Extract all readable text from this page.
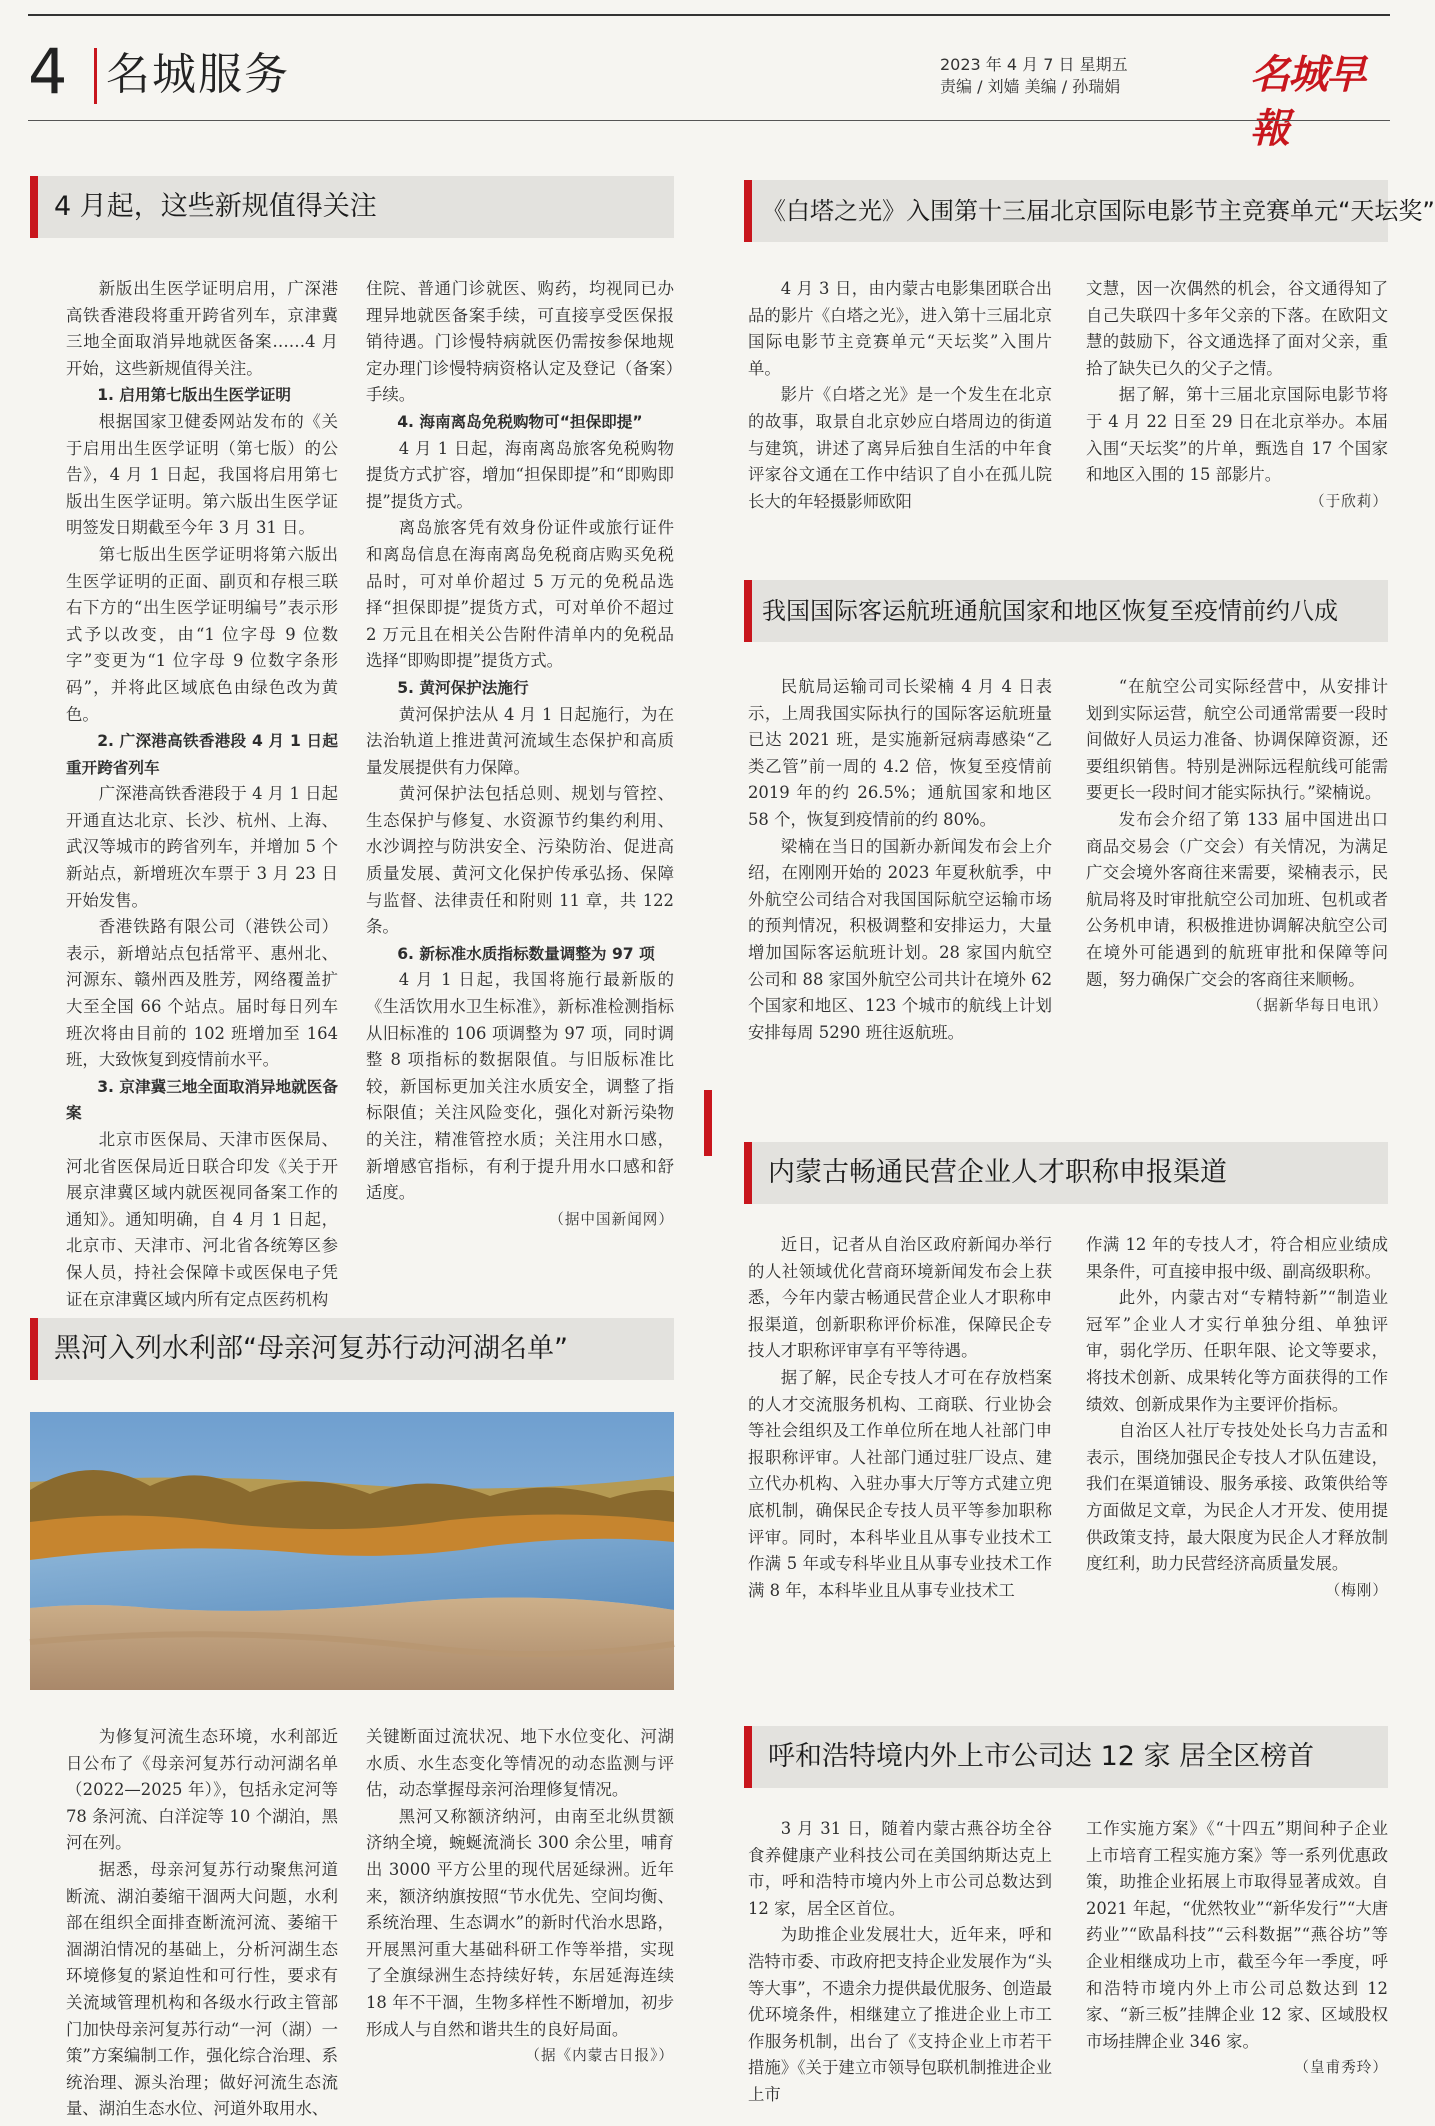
4 名城服务	2023 年 4 月 7 日 星期五
责编 / 刘嫱 美编 / 孙瑞娟	名城早報
4 月起，这些新规值得关注

新版出生医学证明启用，广深港高铁香港段将重开跨省列车，京津冀三地全面取消异地就医备案……4 月开始，这些新规值得关注。

1. 启用第七版出生医学证明

根据国家卫健委网站发布的《关于启用出生医学证明（第七版）的公告》，4 月 1 日起，我国将启用第七版出生医学证明。第六版出生医学证明签发日期截至今年 3 月 31 日。

第七版出生医学证明将第六版出生医学证明的正面、副页和存根三联右下方的“出生医学证明编号”表示形式予以改变，由“1 位字母 9 位数字”变更为“1 位字母 9 位数字条形码”，并将此区域底色由绿色改为黄色。

2. 广深港高铁香港段 4 月 1 日起重开跨省列车

广深港高铁香港段于 4 月 1 日起开通直达北京、长沙、杭州、上海、武汉等城市的跨省列车，并增加 5 个新站点，新增班次车票于 3 月 23 日开始发售。

香港铁路有限公司（港铁公司）表示，新增站点包括常平、惠州北、河源东、赣州西及胜芳，网络覆盖扩大至全国 66 个站点。届时每日列车班次将由目前的 102 班增加至 164 班，大致恢复到疫情前水平。

3. 京津冀三地全面取消异地就医备案

北京市医保局、天津市医保局、河北省医保局近日联合印发《关于开展京津冀区域内就医视同备案工作的通知》。通知明确，自 4 月 1 日起，北京市、天津市、河北省各统筹区参保人员，持社会保障卡或医保电子凭证在京津冀区域内所有定点医药机构

住院、普通门诊就医、购药，均视同已办理异地就医备案手续，可直接享受医保报销待遇。门诊慢特病就医仍需按参保地规定办理门诊慢特病资格认定及登记（备案）手续。

4. 海南离岛免税购物可“担保即提”

4 月 1 日起，海南离岛旅客免税购物提货方式扩容，增加“担保即提”和“即购即提”提货方式。

离岛旅客凭有效身份证件或旅行证件和离岛信息在海南离岛免税商店购买免税品时，可对单价超过 5 万元的免税品选择“担保即提”提货方式，可对单价不超过 2 万元且在相关公告附件清单内的免税品选择“即购即提”提货方式。

5. 黄河保护法施行

黄河保护法从 4 月 1 日起施行，为在法治轨道上推进黄河流域生态保护和高质量发展提供有力保障。

黄河保护法包括总则、规划与管控、生态保护与修复、水资源节约集约利用、水沙调控与防洪安全、污染防治、促进高质量发展、黄河文化保护传承弘扬、保障与监督、法律责任和附则 11 章，共 122 条。

6. 新标准水质指标数量调整为 97 项

4 月 1 日起，我国将施行最新版的《生活饮用水卫生标准》，新标准检测指标从旧标准的 106 项调整为 97 项，同时调整 8 项指标的数据限值。与旧版标准比较，新国标更加关注水质安全，调整了指标限值；关注风险变化，强化对新污染物的关注，精准管控水质；关注用水口感，新增感官指标，有利于提升用水口感和舒适度。

（据中国新闻网）

黑河入列水利部“母亲河复苏行动河湖名单”

为修复河流生态环境，水利部近日公布了《母亲河复苏行动河湖名单（2022—2025 年）》，包括永定河等 78 条河流、白洋淀等 10 个湖泊，黑河在列。

据悉，母亲河复苏行动聚焦河道断流、湖泊萎缩干涸两大问题，水利部在组织全面排查断流河流、萎缩干涸湖泊情况的基础上，分析河湖生态环境修复的紧迫性和可行性，要求有关流域管理机构和各级水行政主管部门加快母亲河复苏行动“一河（湖）一策”方案编制工作，强化综合治理、系统治理、源头治理；做好河流生态流量、湖泊生态水位、河道外取用水、

关键断面过流状况、地下水位变化、河湖水质、水生态变化等情况的动态监测与评估，动态掌握母亲河治理修复情况。

黑河又称额济纳河，由南至北纵贯额济纳全境，蜿蜒流淌长 300 余公里，哺育出 3000 平方公里的现代居延绿洲。近年来，额济纳旗按照“节水优先、空间均衡、系统治理、生态调水”的新时代治水思路，开展黑河重大基础科研工作等举措，实现了全旗绿洲生态持续好转，东居延海连续 18 年不干涸，生物多样性不断增加，初步形成人与自然和谐共生的良好局面。

（据《内蒙古日报》）

《白塔之光》入围第十三届北京国际电影节主竞赛单元“天坛奖”

4 月 3 日，由内蒙古电影集团联合出品的影片《白塔之光》，进入第十三届北京国际电影节主竞赛单元“天坛奖”入围片单。

影片《白塔之光》是一个发生在北京的故事，取景自北京妙应白塔周边的街道与建筑，讲述了离异后独自生活的中年食评家谷文通在工作中结识了自小在孤儿院长大的年轻摄影师欧阳

文慧，因一次偶然的机会，谷文通得知了自己失联四十多年父亲的下落。在欧阳文慧的鼓励下，谷文通选择了面对父亲，重拾了缺失已久的父子之情。

据了解，第十三届北京国际电影节将于 4 月 22 日至 29 日在北京举办。本届入围“天坛奖”的片单，甄选自 17 个国家和地区入围的 15 部影片。

（于欣莉）

我国国际客运航班通航国家和地区恢复至疫情前约八成

民航局运输司司长梁楠 4 月 4 日表示，上周我国实际执行的国际客运航班量已达 2021 班，是实施新冠病毒感染“乙类乙管”前一周的 4.2 倍，恢复至疫情前 2019 年的约 26.5%；通航国家和地区 58 个，恢复到疫情前的约 80%。

梁楠在当日的国新办新闻发布会上介绍，在刚刚开始的 2023 年夏秋航季，中外航空公司结合对我国国际航空运输市场的预判情况，积极调整和安排运力，大量增加国际客运航班计划。28 家国内航空公司和 88 家国外航空公司共计在境外 62 个国家和地区、123 个城市的航线上计划安排每周 5290 班往返航班。

“在航空公司实际经营中，从安排计划到实际运营，航空公司通常需要一段时间做好人员运力准备、协调保障资源，还要组织销售。特别是洲际远程航线可能需要更长一段时间才能实际执行。”梁楠说。

发布会介绍了第 133 届中国进出口商品交易会（广交会）有关情况，为满足广交会境外客商往来需要，梁楠表示，民航局将及时审批航空公司加班、包机或者公务机申请，积极推进协调解决航空公司在境外可能遇到的航班审批和保障等问题，努力确保广交会的客商往来顺畅。

（据新华每日电讯）

内蒙古畅通民营企业人才职称申报渠道

近日，记者从自治区政府新闻办举行的人社领域优化营商环境新闻发布会上获悉，今年内蒙古畅通民营企业人才职称申报渠道，创新职称评价标准，保障民企专技人才职称评审享有平等待遇。

据了解，民企专技人才可在存放档案的人才交流服务机构、工商联、行业协会等社会组织及工作单位所在地人社部门申报职称评审。人社部门通过驻厂设点、建立代办机构、入驻办事大厅等方式建立兜底机制，确保民企专技人员平等参加职称评审。同时，本科毕业且从事专业技术工作满 5 年或专科毕业且从事专业技术工作满 8 年，本科毕业且从事专业技术工

作满 12 年的专技人才，符合相应业绩成果条件，可直接申报中级、副高级职称。

此外，内蒙古对“专精特新”“制造业冠军”企业人才实行单独分组、单独评审，弱化学历、任职年限、论文等要求，将技术创新、成果转化等方面获得的工作绩效、创新成果作为主要评价指标。

自治区人社厅专技处处长乌力吉孟和表示，围绕加强民企专技人才队伍建设，我们在渠道铺设、服务承接、政策供给等方面做足文章，为民企人才开发、使用提供政策支持，最大限度为民企人才释放制度红利，助力民营经济高质量发展。

（梅刚）

呼和浩特境内外上市公司达 12 家 居全区榜首

3 月 31 日，随着内蒙古燕谷坊全谷食养健康产业科技公司在美国纳斯达克上市，呼和浩特市境内外上市公司总数达到 12 家，居全区首位。

为助推企业发展壮大，近年来，呼和浩特市委、市政府把支持企业发展作为“头等大事”，不遗余力提供最优服务、创造最优环境条件，相继建立了推进企业上市工作服务机制，出台了《支持企业上市若干措施》《关于建立市领导包联机制推进企业上市

工作实施方案》《“十四五”期间种子企业上市培育工程实施方案》等一系列优惠政策，助推企业拓展上市取得显著成效。自 2021 年起，“优然牧业”“新华发行”“大唐药业”“欧晶科技”“云科数据”“燕谷坊”等企业相继成功上市，截至今年一季度，呼和浩特市境内外上市公司总数达到 12 家、“新三板”挂牌企业 12 家、区域股权市场挂牌企业 346 家。

（皇甫秀玲）
